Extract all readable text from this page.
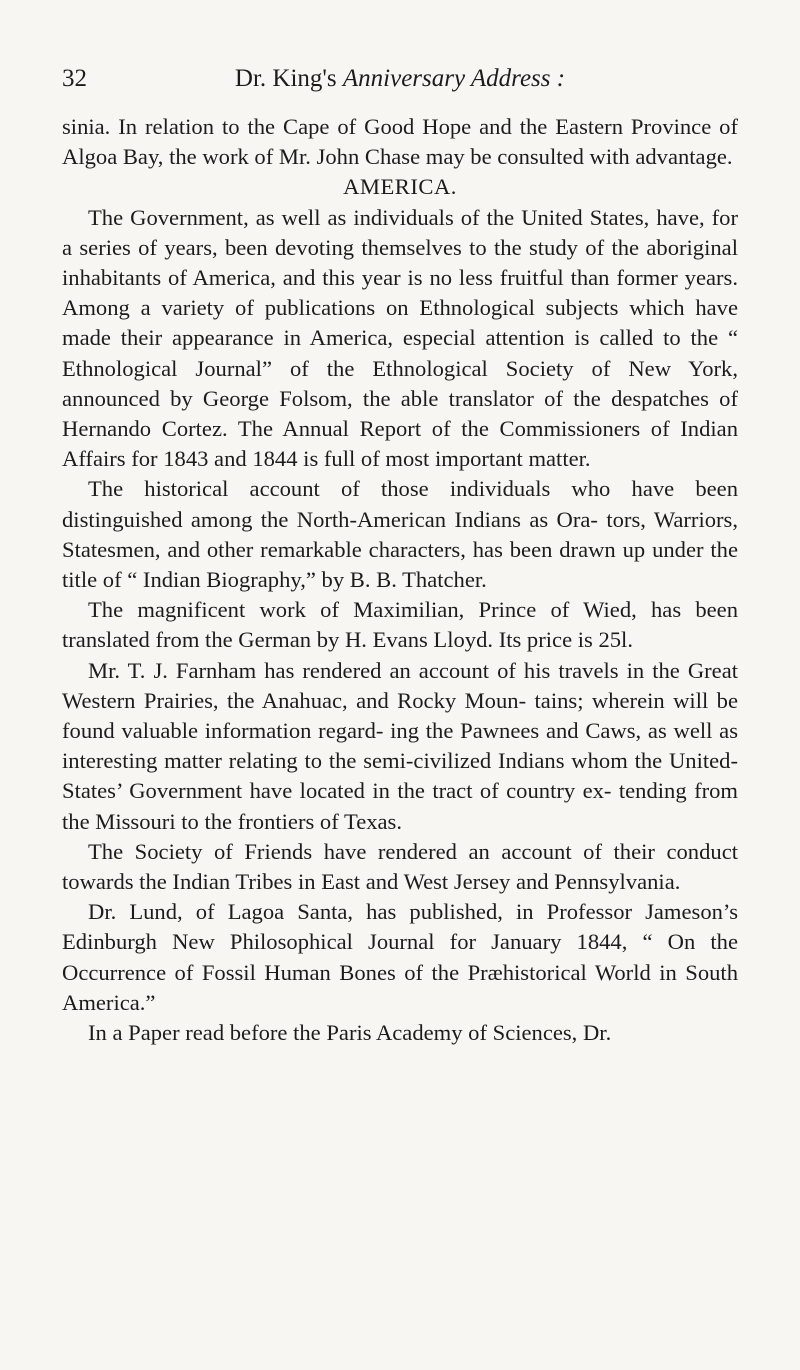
32	Dr. King's Anniversary Address :

sinia. In relation to the Cape of Good Hope and the Eastern Province of Algoa Bay, the work of Mr. John Chase may be consulted with advantage.

AMERICA.

The Government, as well as individuals of the United States, have, for a series of years, been devoting themselves to the study of the aboriginal inhabitants of America, and this year is no less fruitful than former years. Among a variety of publications on Ethnological subjects which have made their appearance in America, especial attention is called to the “ Ethnological Journal” of the Ethnological Society of New York, announced by George Folsom, the able translator of the despatches of Hernando Cortez. The Annual Report of the Commissioners of Indian Affairs for 1843 and 1844 is full of most important matter.

The historical account of those individuals who have been distinguished among the North-American Indians as Ora- tors, Warriors, Statesmen, and other remarkable characters, has been drawn up under the title of “ Indian Biography,” by B. B. Thatcher.

The magnificent work of Maximilian, Prince of Wied, has been translated from the German by H. Evans Lloyd. Its price is 25l.

Mr. T. J. Farnham has rendered an account of his travels in the Great Western Prairies, the Anahuac, and Rocky Moun- tains; wherein will be found valuable information regard- ing the Pawnees and Caws, as well as interesting matter relating to the semi-civilized Indians whom the United- States’ Government have located in the tract of country ex- tending from the Missouri to the frontiers of Texas.

The Society of Friends have rendered an account of their conduct towards the Indian Tribes in East and West Jersey and Pennsylvania.

Dr. Lund, of Lagoa Santa, has published, in Professor Jameson’s Edinburgh New Philosophical Journal for January 1844, “ On the Occurrence of Fossil Human Bones of the Præhistorical World in South America.”

In a Paper read before the Paris Academy of Sciences, Dr.
